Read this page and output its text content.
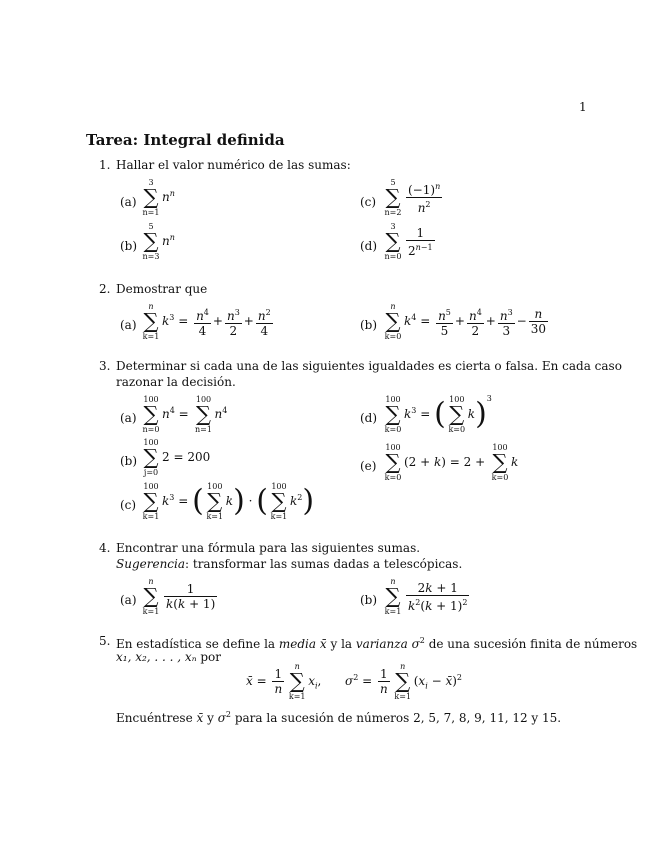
1
Tarea: Integral definida
1. Hallar el valor numérico de las sumas:
(a)
3
∑
n=1
$n^n$
(b)
5
∑
n=3
$n^n$
(c)
5
∑
$n=2 \frac{(-1)^n}{n^2}$
(d)
3
∑
$n=0 \frac{1}{2^{n-1}}$
2. Demostrar que
(a)
n
∑
k=1
$k^3 = \frac{n^4}{4} + \frac{n^3}{2} + \frac{n^2}{4}$	(b)
n
∑
k=0
$k^4 = \frac{n^5}{5} + \frac{n^4}{2} + \frac{n^3}{3} - \frac{n}{30}$
3. Determinar si cada una de las siguientes igualdades es cierta o falsa. En cada caso
razonar la decisión.
(a)
100
∑
n=0
$n^4$ =
100
∑
n=1
$n^4$
(b)
100
∑
j=0
2 = 200
(c)
100
∑
k=1
$k^3$ = ( 100
∑
k=1
k) · ( 100
∑
k=1
$k^2$)
(d)
100
∑
k=0
$k^3$ = ( 100
∑
k=0
k)$^3$
(e)
100
∑
k=0
(2 + k) = 2 +
100
∑
k=0
k
4. Encontrar una fórmula para las siguientes sumas.
Sugerencia: transformar las sumas dadas a telescópicas.
(a)
n
∑
k=1
$\frac{1}{k(k + 1)}$	(b)
n
∑
$k=1 \frac{2k + 1}{k^2(k + 1)^2}$
5. En estadística se define la media x̄ y la varianza $\sigma^2$ de una sucesión finita de números
x₁, x₂, . . . , xₙ por
x̄ = $\frac{1}{n}$
n
∑
k=1
$x_i$, $\sigma^2 = \frac{1}{n}$
n
∑
k=1
($x_i$ − x̄)$^2$
Encuéntrese x̄ y $\sigma^2$ para la sucesión de números 2, 5, 7, 8, 9, 11, 12 y 15.
